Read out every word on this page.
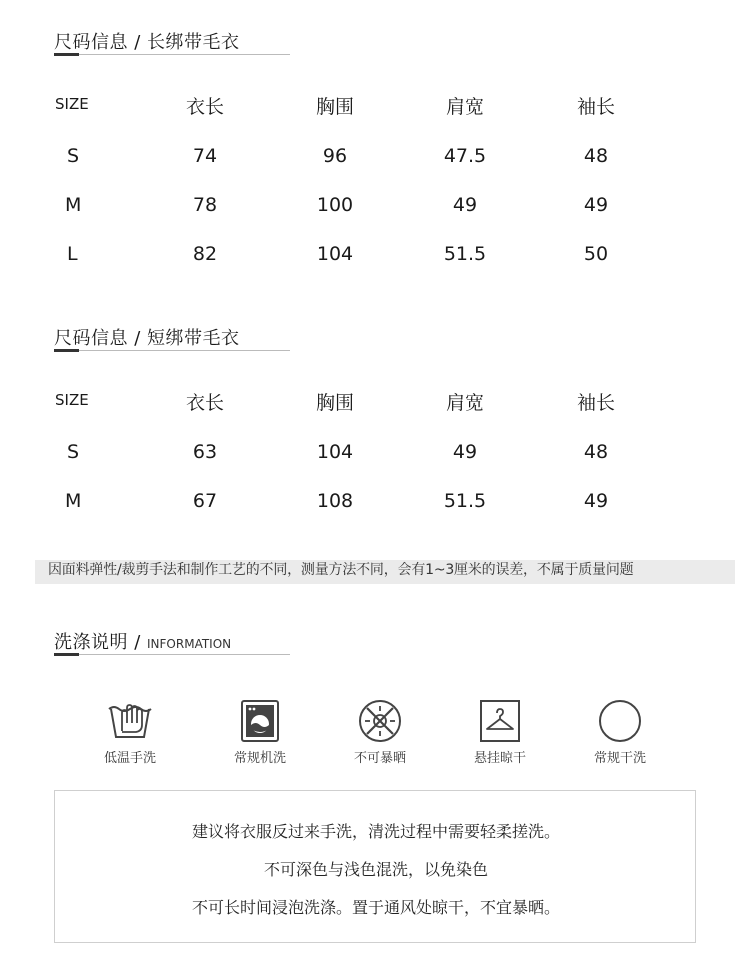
尺码信息 / 长绑带毛衣
SIZE	衣长	胸围	肩宽	袖长
S	74	96	47.5	48
M	78	100	49	49
L	82	104	51.5	50
尺码信息 / 短绑带毛衣
SIZE	衣长	胸围	肩宽	袖长
S	63	104	49	48
M	67	108	51.5	49
因面料弹性/裁剪手法和制作工艺的不同，测量方法不同，会有1~3厘米的误差，不属于质量问题
洗涤说明 / INFORMATION
低温手洗	常规机洗	不可暴晒	悬挂晾干	常规干洗
建议将衣服反过来手洗，清洗过程中需要轻柔搓洗。
不可深色与浅色混洗，以免染色
不可长时间浸泡洗涤。置于通风处晾干，不宜暴晒。
